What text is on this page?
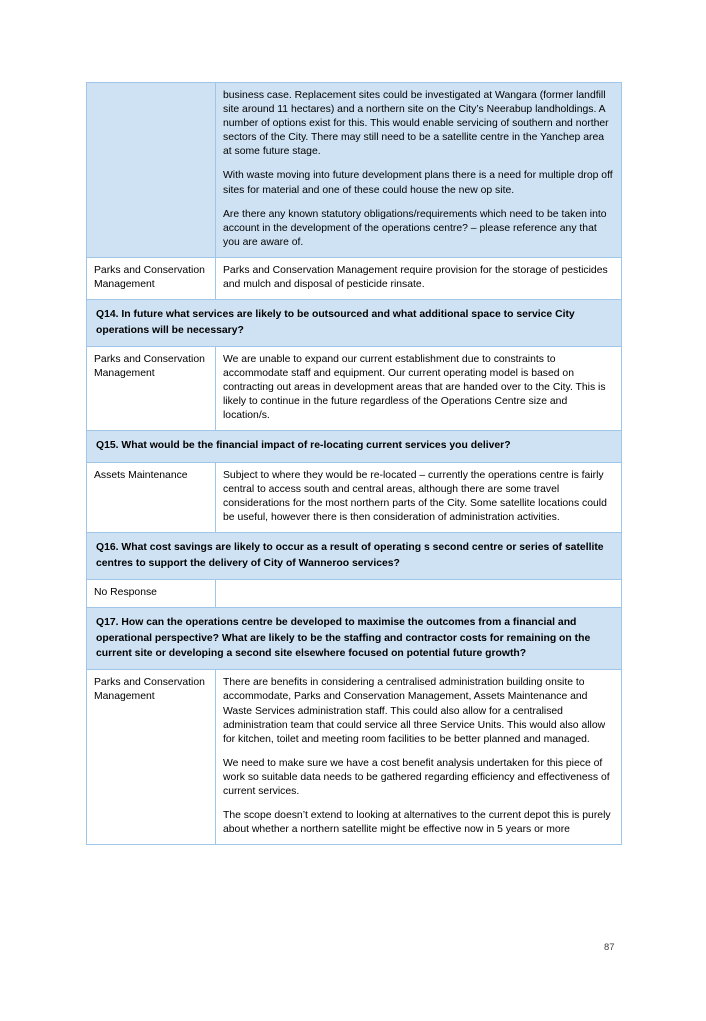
	business case. Replacement sites could be investigated at Wangara (former landfill site around 11 hectares) and a northern site on the City’s Neerabup landholdings. A number of options exist for this. This would enable servicing of southern and norther sectors of the City. There may still need to be a satellite centre in the Yanchep area at some future stage.

With waste moving into future development plans there is a need for multiple drop off sites for material and one of these could house the new op site.

Are there any known statutory obligations/requirements which need to be taken into account in the development of the operations centre? – please reference any that you are aware of.

Parks and Conservation Management	Parks and Conservation Management require provision for the storage of pesticides and mulch and disposal of pesticide rinsate.

Q14. In future what services are likely to be outsourced and what additional space to service City operations will be necessary?	

Parks and Conservation Management	We are unable to expand our current establishment due to constraints to accommodate staff and equipment. Our current operating model is based on contracting out areas in development areas that are handed over to the City. This is likely to continue in the future regardless of the Operations Centre size and location/s.

Q15. What would be the financial impact of re-locating current services you deliver?	

Assets Maintenance	Subject to where they would be re-located – currently the operations centre is fairly central to access south and central areas, although there are some travel considerations for the most northern parts of the City. Some satellite locations could be useful, however there is then consideration of administration activities.

Q16. What cost savings are likely to occur as a result of operating s second centre or series of satellite centres to support the delivery of City of Wanneroo services?	

No Response	

Q17. How can the operations centre be developed to maximise the outcomes from a financial and operational perspective? What are likely to be the staffing and contractor costs for remaining on the current site or developing a second site elsewhere focused on potential future growth?	

Parks and Conservation Management	There are benefits in considering a centralised administration building onsite to accommodate, Parks and Conservation Management, Assets Maintenance and Waste Services administration staff. This could also allow for a centralised administration team that could service all three Service Units. This would also allow for kitchen, toilet and meeting room facilities to be better planned and managed.

We need to make sure we have a cost benefit analysis undertaken for this piece of work so suitable data needs to be gathered regarding efficiency and effectiveness of current services.

The scope doesn’t extend to looking at alternatives to the current depot this is purely about whether a northern satellite might be effective now in 5 years or more

87
